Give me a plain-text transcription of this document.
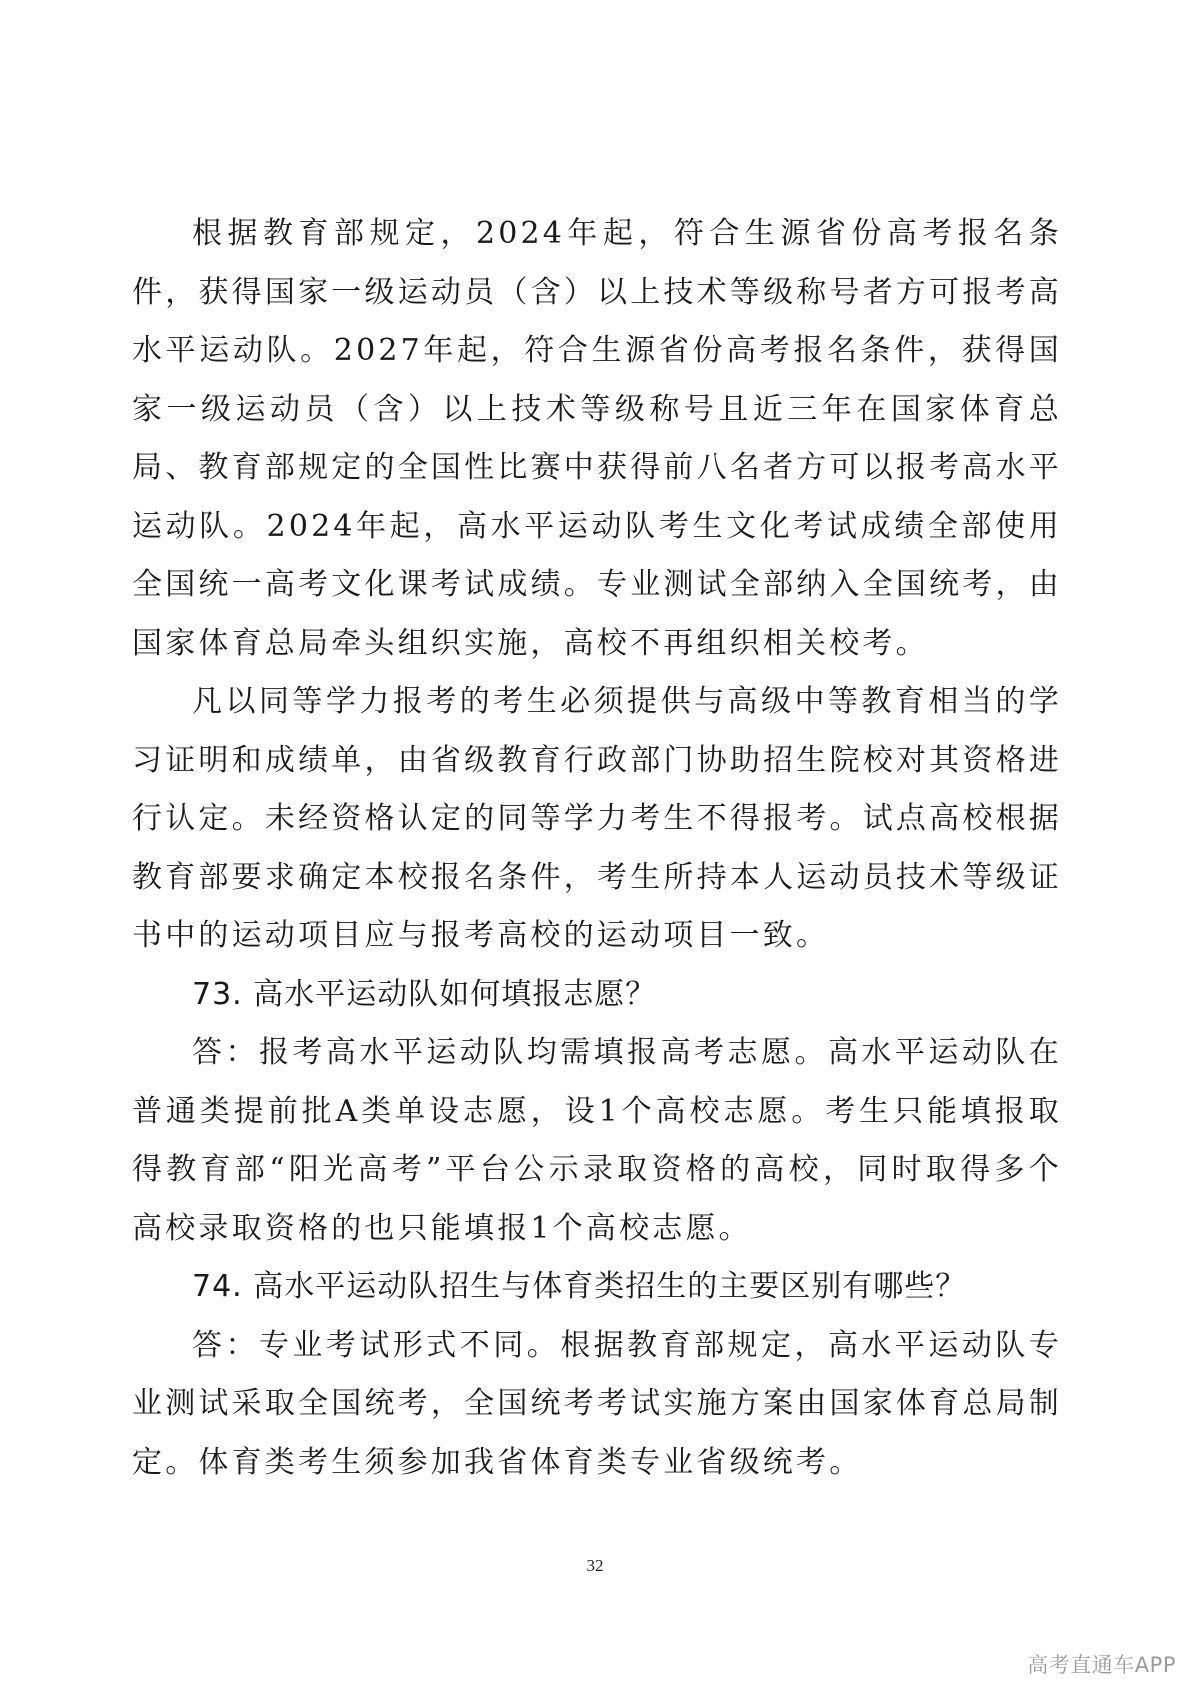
根据教育部规定，2024年起，符合生源省份高考报名条件，获得国家一级运动员（含）以上技术等级称号者方可报考高水平运动队。2027年起，符合生源省份高考报名条件，获得国家一级运动员（含）以上技术等级称号且近三年在国家体育总局、教育部规定的全国性比赛中获得前八名者方可以报考高水平运动队。2024年起，高水平运动队考生文化考试成绩全部使用全国统一高考文化课考试成绩。专业测试全部纳入全国统考，由国家体育总局牵头组织实施，高校不再组织相关校考。

凡以同等学力报考的考生必须提供与高级中等教育相当的学习证明和成绩单，由省级教育行政部门协助招生院校对其资格进行认定。未经资格认定的同等学力考生不得报考。试点高校根据教育部要求确定本校报名条件，考生所持本人运动员技术等级证书中的运动项目应与报考高校的运动项目一致。

73. 高水平运动队如何填报志愿？

答：报考高水平运动队均需填报高考志愿。高水平运动队在普通类提前批A类单设志愿，设1个高校志愿。考生只能填报取得教育部“阳光高考”平台公示录取资格的高校，同时取得多个高校录取资格的也只能填报1个高校志愿。

74. 高水平运动队招生与体育类招生的主要区别有哪些？

答：专业考试形式不同。根据教育部规定，高水平运动队专业测试采取全国统考，全国统考考试实施方案由国家体育总局制定。体育类考生须参加我省体育类专业省级统考。

32
高考直通车APP
